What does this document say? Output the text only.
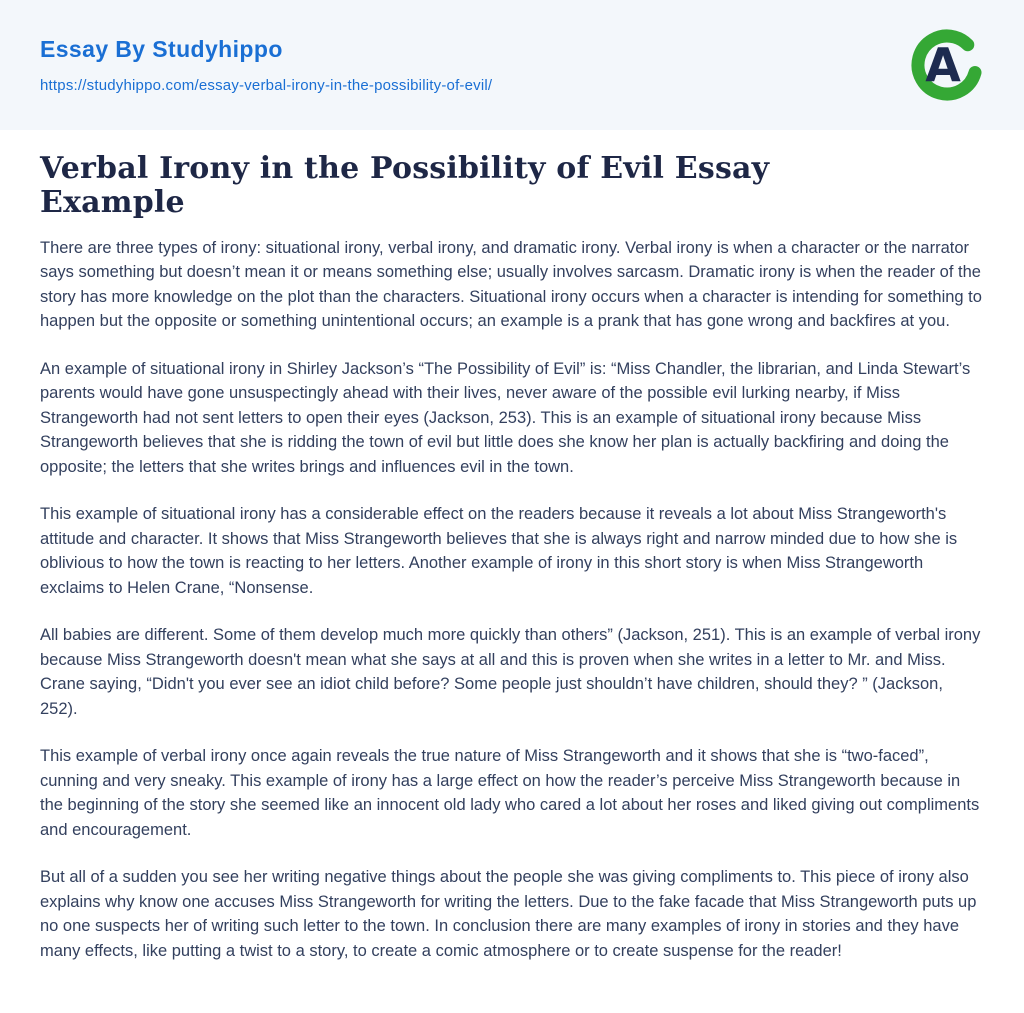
Essay By Studyhippo
https://studyhippo.com/essay-verbal-irony-in-the-possibility-of-evil/	A
Verbal Irony in the Possibility of Evil Essay Example

There are three types of irony: situational irony, verbal irony, and dramatic irony. Verbal irony is when a character or the narrator says something but doesn’t mean it or means something else; usually involves sarcasm. Dramatic irony is when the reader of the story has more knowledge on the plot than the characters. Situational irony occurs when a character is intending for something to happen but the opposite or something unintentional occurs; an example is a prank that has gone wrong and backfires at you.

An example of situational irony in Shirley Jackson’s “The Possibility of Evil” is: “Miss Chandler, the librarian, and Linda Stewart’s parents would have gone unsuspectingly ahead with their lives, never aware of the possible evil lurking nearby, if Miss Strangeworth had not sent letters to open their eyes (Jackson, 253). This is an example of situational irony because Miss Strangeworth believes that she is ridding the town of evil but little does she know her plan is actually backfiring and doing the opposite; the letters that she writes brings and influences evil in the town.

This example of situational irony has a considerable effect on the readers because it reveals a lot about Miss Strangeworth's attitude and character. It shows that Miss Strangeworth believes that she is always right and narrow minded due to how she is oblivious to how the town is reacting to her letters. Another example of irony in this short story is when Miss Strangeworth exclaims to Helen Crane, “Nonsense.

All babies are different. Some of them develop much more quickly than others” (Jackson, 251). This is an example of verbal irony because Miss Strangeworth doesn't mean what she says at all and this is proven when she writes in a letter to Mr. and Miss. Crane saying, “Didn't you ever see an idiot child before? Some people just shouldn’t have children, should they? ” (Jackson, 252).

This example of verbal irony once again reveals the true nature of Miss Strangeworth and it shows that she is “two-faced”, cunning and very sneaky. This example of irony has a large effect on how the reader’s perceive Miss Strangeworth because in the beginning of the story she seemed like an innocent old lady who cared a lot about her roses and liked giving out compliments and encouragement.

But all of a sudden you see her writing negative things about the people she was giving compliments to. This piece of irony also explains why know one accuses Miss Strangeworth for writing the letters. Due to the fake facade that Miss Strangeworth puts up no one suspects her of writing such letter to the town. In conclusion there are many examples of irony in stories and they have many effects, like putting a twist to a story, to create a comic atmosphere or to create suspense for the reader!
